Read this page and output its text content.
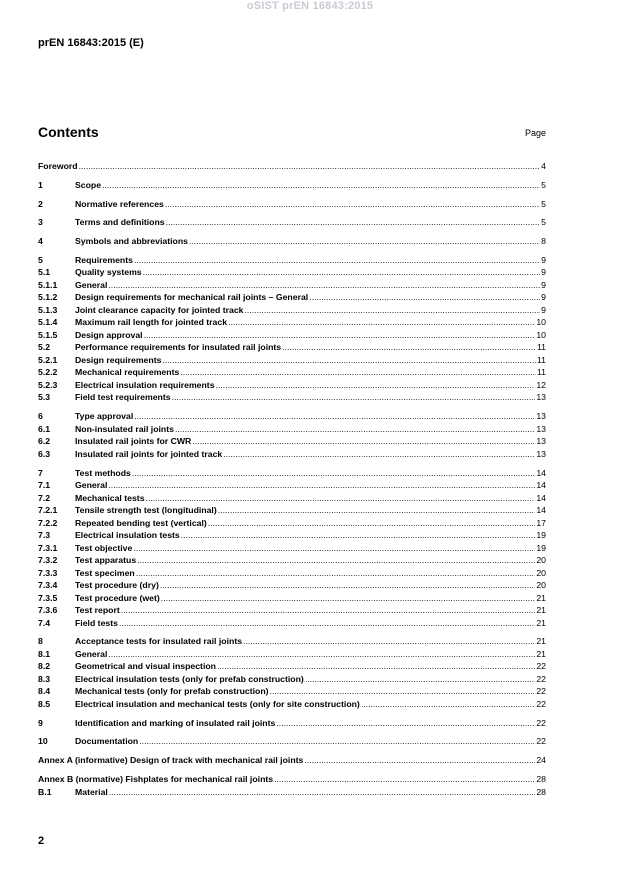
oSIST prEN 16843:2015
prEN 16843:2015 (E)
Contents	Page
Foreword .....	4
1	Scope .....	5
2	Normative references .....	5
3	Terms and definitions .....	5
4	Symbols and abbreviations .....	8
5	Requirements .....	9
5.1	Quality systems .....	9
5.1.1	General .....	9
5.1.2	Design requirements for mechanical rail joints – General .....	9
5.1.3	Joint clearance capacity for jointed track .....	9
5.1.4	Maximum rail length for jointed track .....	10
5.1.5	Design approval .....	10
5.2	Performance requirements for insulated rail joints .....	11
5.2.1	Design requirements .....	11
5.2.2	Mechanical requirements .....	11
5.2.3	Electrical insulation requirements .....	12
5.3	Field test requirements .....	13
6	Type approval .....	13
6.1	Non-insulated rail joints .....	13
6.2	Insulated rail joints for CWR .....	13
6.3	Insulated rail joints for jointed track .....	13
7	Test methods .....	14
7.1	General .....	14
7.2	Mechanical tests .....	14
7.2.1	Tensile strength test (longitudinal) .....	14
7.2.2	Repeated bending test (vertical) .....	17
7.3	Electrical insulation tests .....	19
7.3.1	Test objective .....	19
7.3.2	Test apparatus .....	20
7.3.3	Test specimen .....	20
7.3.4	Test procedure (dry) .....	20
7.3.5	Test procedure (wet) .....	21
7.3.6	Test report .....	21
7.4	Field tests .....	21
8	Acceptance tests for insulated rail joints .....	21
8.1	General .....	21
8.2	Geometrical and visual inspection .....	22
8.3	Electrical insulation tests (only for prefab construction) .....	22
8.4	Mechanical tests (only for prefab construction) .....	22
8.5	Electrical insulation and mechanical tests (only for site construction) .....	22
9	Identification and marking of insulated rail joints .....	22
10	Documentation .....	22
Annex A (informative) Design of track with mechanical rail joints .....	24
Annex B (normative) Fishplates for mechanical rail joints .....	28
B.1	Material .....	28
2
